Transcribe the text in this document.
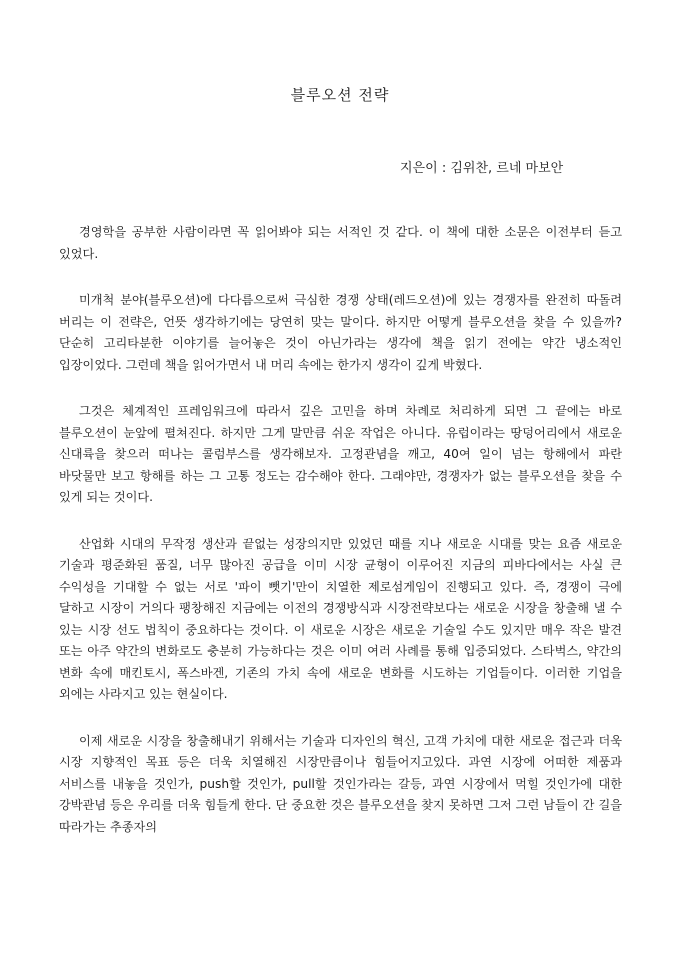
블루오션 전략
지은이 : 김위찬, 르네 마보안

경영학을 공부한 사람이라면 꼭 읽어봐야 되는 서적인 것 같다. 이 책에 대한 소문은 이전부터 듣고 있었다.

미개척 분야(블루오션)에 다다름으로써 극심한 경쟁 상태(레드오션)에 있는 경쟁자를 완전히 따돌려 버리는 이 전략은, 언뜻 생각하기에는 당연히 맞는 말이다. 하지만 어떻게 블루오션을 찾을 수 있을까? 단순히 고리타분한 이야기를 늘어놓은 것이 아닌가라는 생각에 책을 읽기 전에는 약간 냉소적인 입장이었다. 그런데 책을 읽어가면서 내 머리 속에는 한가지 생각이 깊게 박혔다.

그것은 체계적인 프레임워크에 따라서 깊은 고민을 하며 차례로 처리하게 되면 그 끝에는 바로 블루오션이 눈앞에 펼쳐진다. 하지만 그게 말만큼 쉬운 작업은 아니다. 유럽이라는 땅덩어리에서 새로운 신대륙을 찾으러 떠나는 콜럼부스를 생각해보자. 고정관념을 깨고, 40여 일이 넘는 항해에서 파란 바닷물만 보고 항해를 하는 그 고통 정도는 감수해야 한다. 그래야만, 경쟁자가 없는 블루오션을 찾을 수 있게 되는 것이다.

산업화 시대의 무작정 생산과 끝없는 성장의지만 있었던 때를 지나 새로운 시대를 맞는 요즘 새로운 기술과 평준화된 품질, 너무 많아진 공급을 이미 시장 균형이 이루어진 지금의 피바다에서는 사실 큰 수익성을 기대할 수 없는 서로 '파이 뺏기'만이 치열한 제로섬게임이 진행되고 있다. 즉, 경쟁이 극에 달하고 시장이 거의다 팽창해진 지금에는 이전의 경쟁방식과 시장전략보다는 새로운 시장을 창출해 낼 수 있는 시장 선도 법칙이 중요하다는 것이다. 이 새로운 시장은 새로운 기술일 수도 있지만 매우 작은 발견 또는 아주 약간의 변화로도 충분히 가능하다는 것은 이미 여러 사례를 통해 입증되었다. 스타벅스, 약간의 변화 속에 매킨토시, 폭스바겐, 기존의 가치 속에 새로운 변화를 시도하는 기업들이다. 이러한 기업을 외에는 사라지고 있는 현실이다.

이제 새로운 시장을 창출해내기 위해서는 기술과 디자인의 혁신, 고객 가치에 대한 새로운 접근과 더욱 시장 지향적인 목표 등은 더욱 치열해진 시장만큼이나 힘들어지고있다. 과연 시장에 어떠한 제품과 서비스를 내놓을 것인가, push할 것인가, pull할 것인가라는 갈등, 과연 시장에서 먹힐 것인가에 대한 강박관념 등은 우리를 더욱 힘들게 한다. 단 중요한 것은 블루오션을 찾지 못하면 그저 그런 남들이 간 길을 따라가는 추종자의
